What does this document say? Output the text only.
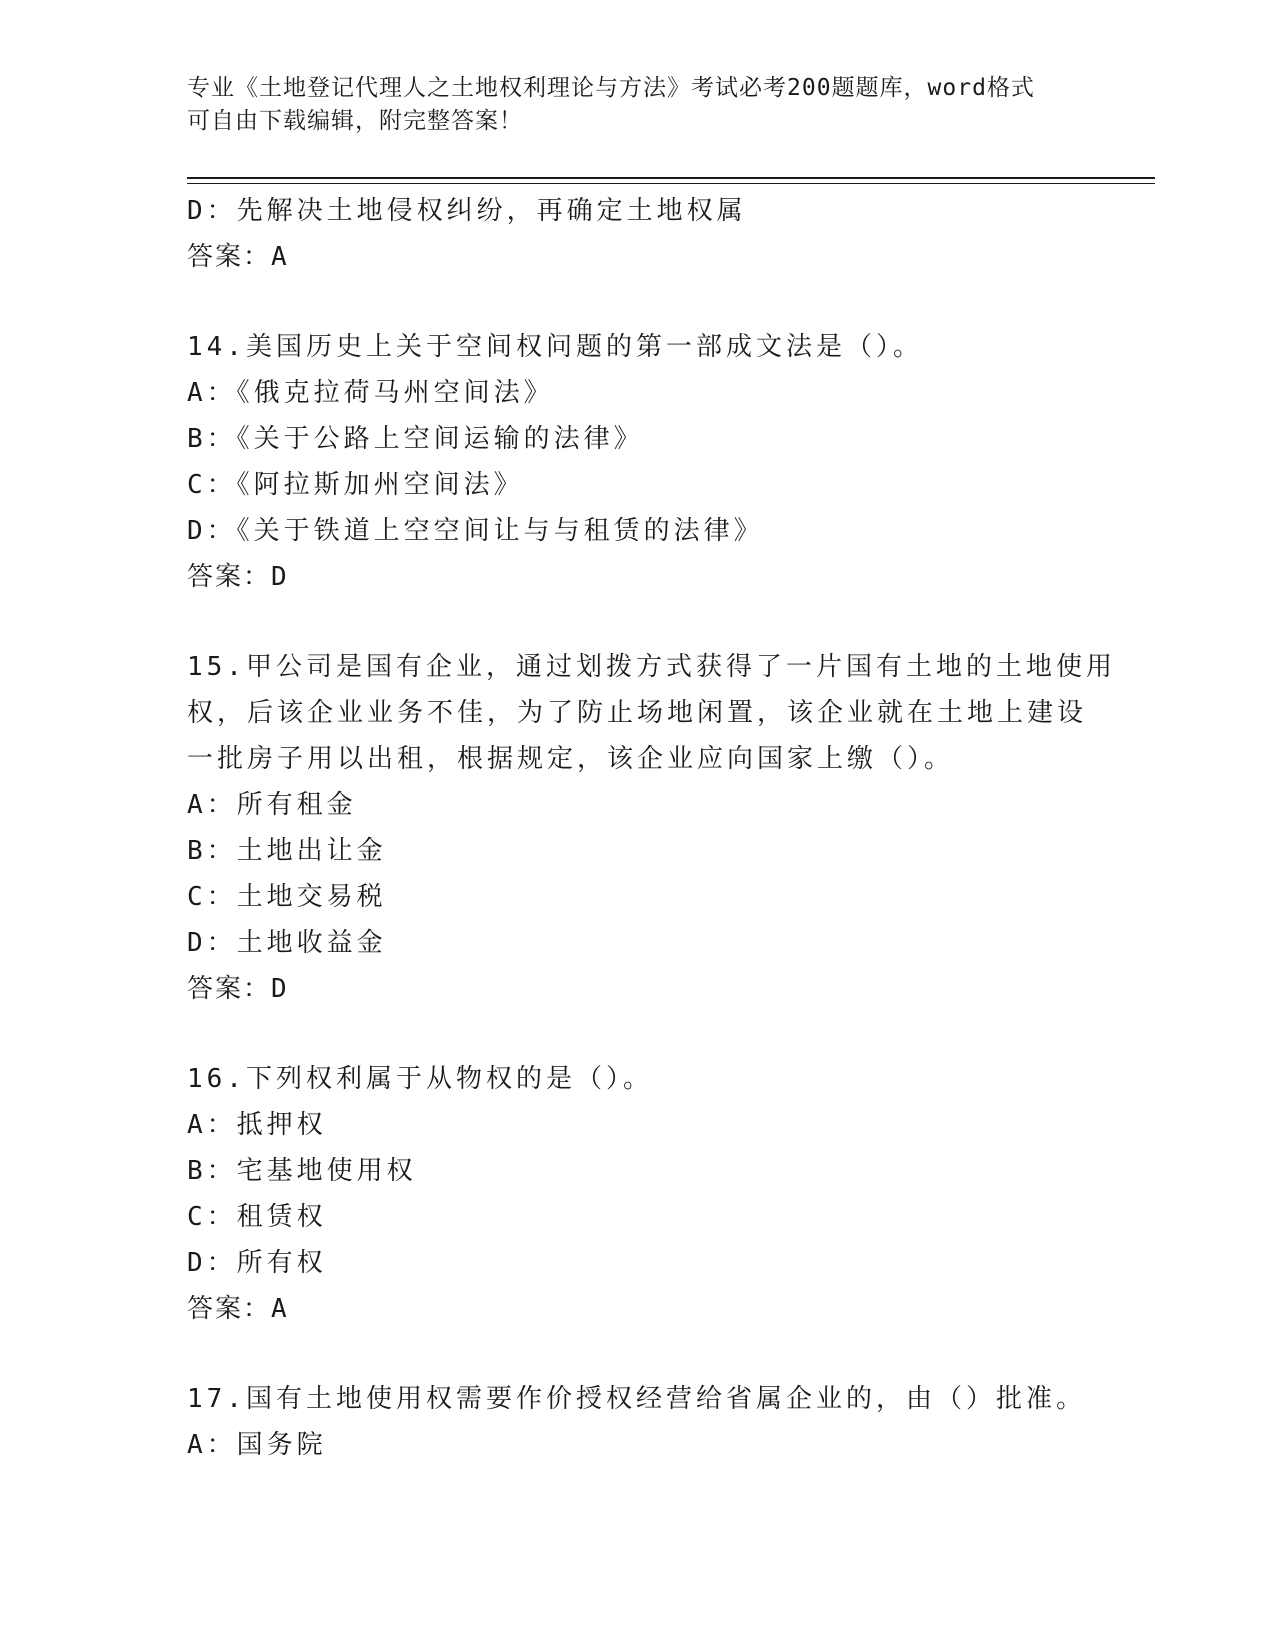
专业《土地登记代理人之土地权利理论与方法》考试必考200题题库，word格式
可自由下载编辑，附完整答案！
D：先解决土地侵权纠纷，再确定土地权属
答案：A
14.美国历史上关于空间权问题的第一部成文法是（）。
A：《俄克拉荷马州空间法》
B：《关于公路上空间运输的法律》
C：《阿拉斯加州空间法》
D：《关于铁道上空空间让与与租赁的法律》
答案：D
15.甲公司是国有企业，通过划拨方式获得了一片国有土地的土地使用
权，后该企业业务不佳，为了防止场地闲置，该企业就在土地上建设
一批房子用以出租，根据规定，该企业应向国家上缴（）。
A：所有租金
B：土地出让金
C：土地交易税
D：土地收益金
答案：D
16.下列权利属于从物权的是（）。
A：抵押权
B：宅基地使用权
C：租赁权
D：所有权
答案：A
17.国有土地使用权需要作价授权经营给省属企业的，由（）批准。
A：国务院
